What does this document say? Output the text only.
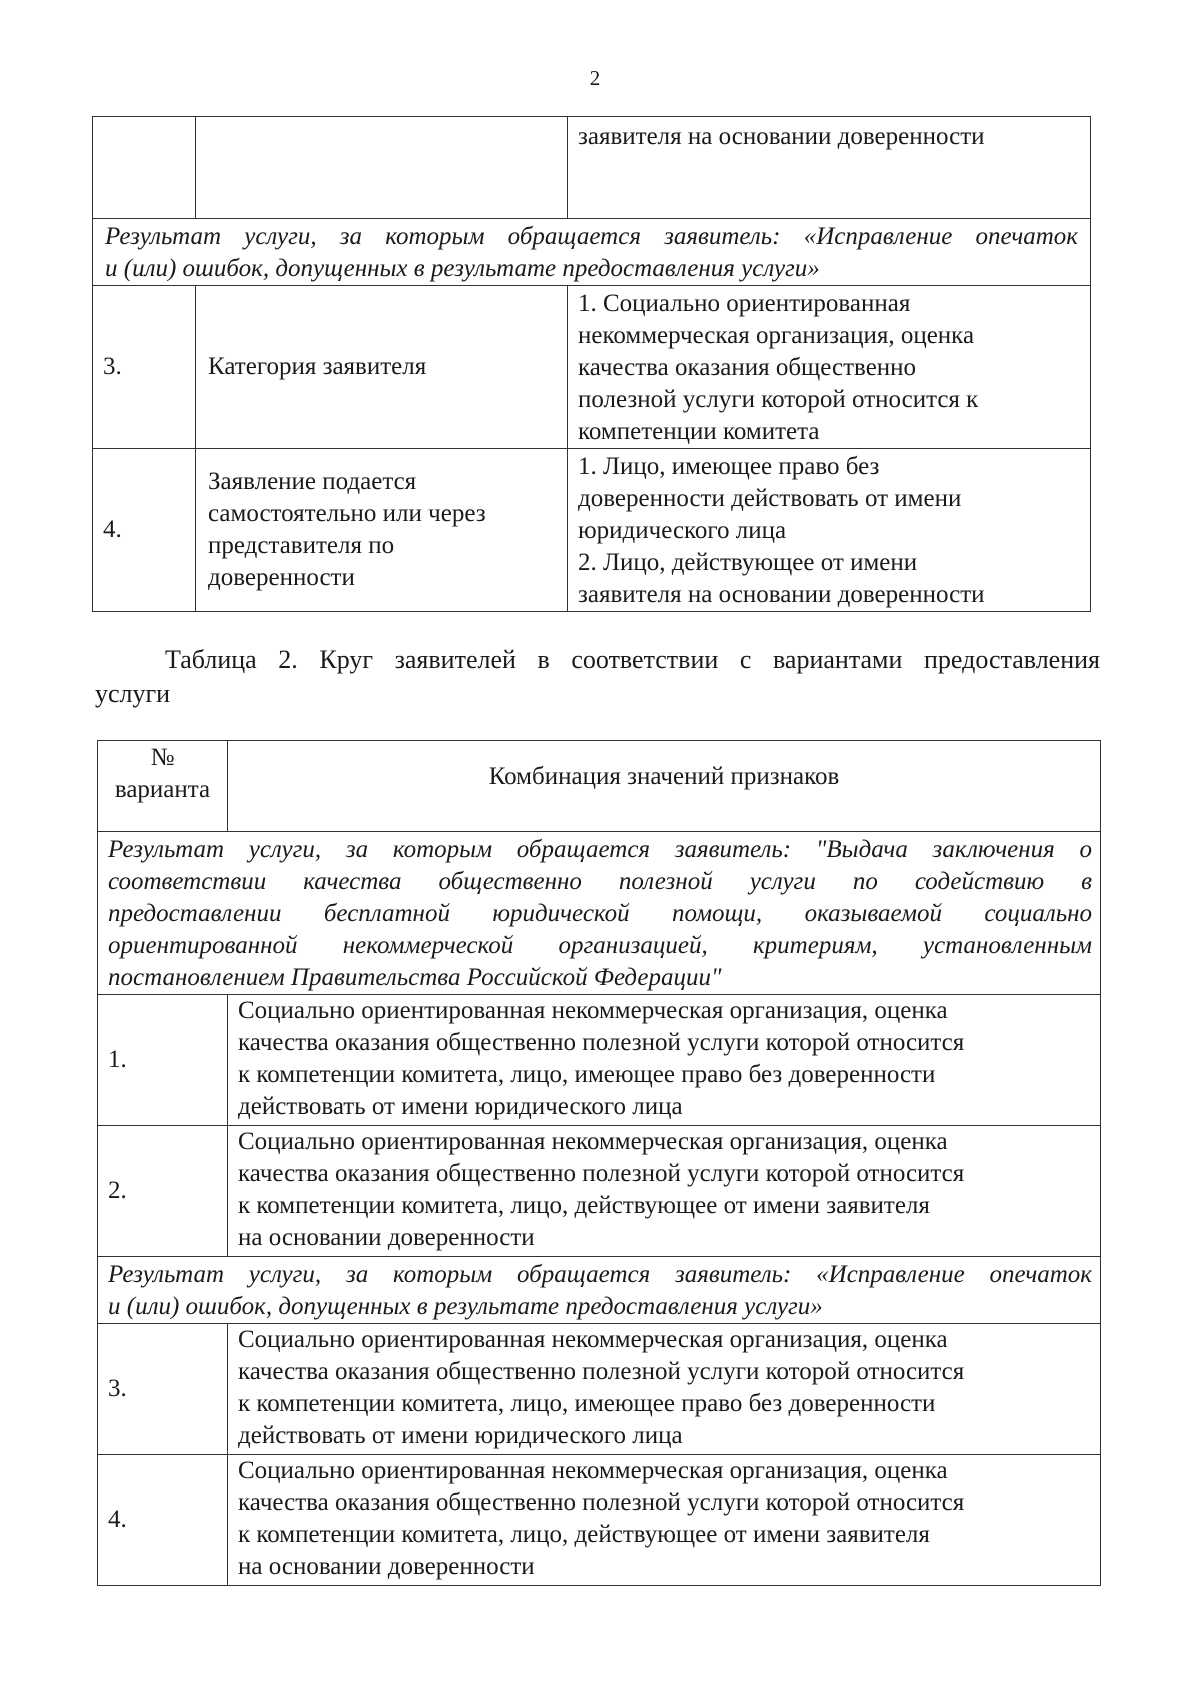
2

		заявителя на основании доверенности

Результат услуги, за которым обращается заявитель: «Исправление опечаток
и (или) ошибок, допущенных в результате предоставления услуги»		

3.	Категория заявителя	1. Социально ориентированная
некоммерческая организация, оценка
качества оказания общественно
полезной услуги которой относится к
компетенции комитета

4.	Заявление подается
самостоятельно или через
представителя по
доверенности	1. Лицо, имеющее право без
доверенности действовать от имени
юридического лица
2. Лицо, действующее от имени
заявителя на основании доверенности
Таблица 2. Круг заявителей в соответствии с вариантами предоставления
услуги
№
варианта	Комбинация значений признаков

Результат услуги, за которым обращается заявитель: "Выдача заключения о
соответствии качества общественно полезной услуги по содействию в
предоставлении бесплатной юридической помощи, оказываемой социально
ориентированной некоммерческой организацией, критериям, установленным
постановлением Правительства Российской Федерации"	

1.	Социально ориентированная некоммерческая организация, оценка
качества оказания общественно полезной услуги которой относится
к компетенции комитета, лицо, имеющее право без доверенности
действовать от имени юридического лица

2.	Социально ориентированная некоммерческая организация, оценка
качества оказания общественно полезной услуги которой относится
к компетенции комитета, лицо, действующее от имени заявителя
на основании доверенности

Результат услуги, за которым обращается заявитель: «Исправление опечаток
и (или) ошибок, допущенных в результате предоставления услуги»	

3.	Социально ориентированная некоммерческая организация, оценка
качества оказания общественно полезной услуги которой относится
к компетенции комитета, лицо, имеющее право без доверенности
действовать от имени юридического лица

4.	Социально ориентированная некоммерческая организация, оценка
качества оказания общественно полезной услуги которой относится
к компетенции комитета, лицо, действующее от имени заявителя
на основании доверенности
